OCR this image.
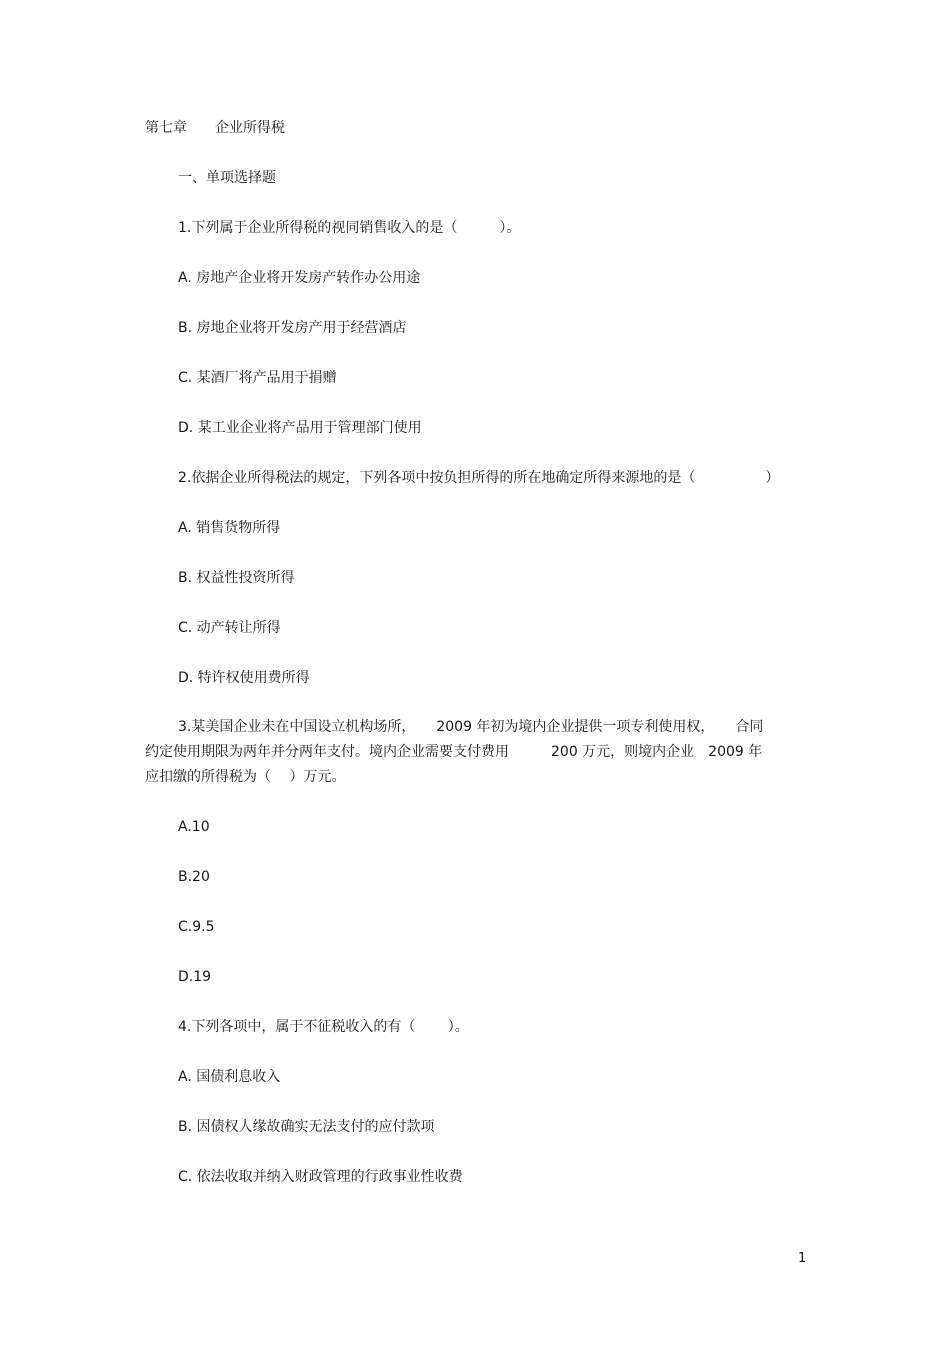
第七章　　企业所得税
一、单项选择题
1.下列属于企业所得税的视同销售收入的是（　　　）。
A. 房地产企业将开发房产转作办公用途
B. 房地企业将开发房产用于经营酒店
C. 某酒厂将产品用于捐赠
D. 某工业企业将产品用于管理部门使用
2.依据企业所得税法的规定，下列各项中按负担所得的所在地确定所得来源地的是（　　　　　）
A. 销售货物所得
B. 权益性投资所得
C. 动产转让所得
D. 特许权使用费所得
3.某美国企业未在中国设立机构场所，　　2009 年初为境内企业提供一项专利使用权，　　合同
约定使用期限为两年并分两年支付。境内企业需要支付费用　　　200 万元，则境内企业　2009 年
应扣缴的所得税为（　 ）万元。
A.10
B.20
C.9.5
D.19
4.下列各项中，属于不征税收入的有（　　 ）。
A. 国债利息收入
B. 因债权人缘故确实无法支付的应付款项
C. 依法收取并纳入财政管理的行政事业性收费
1
